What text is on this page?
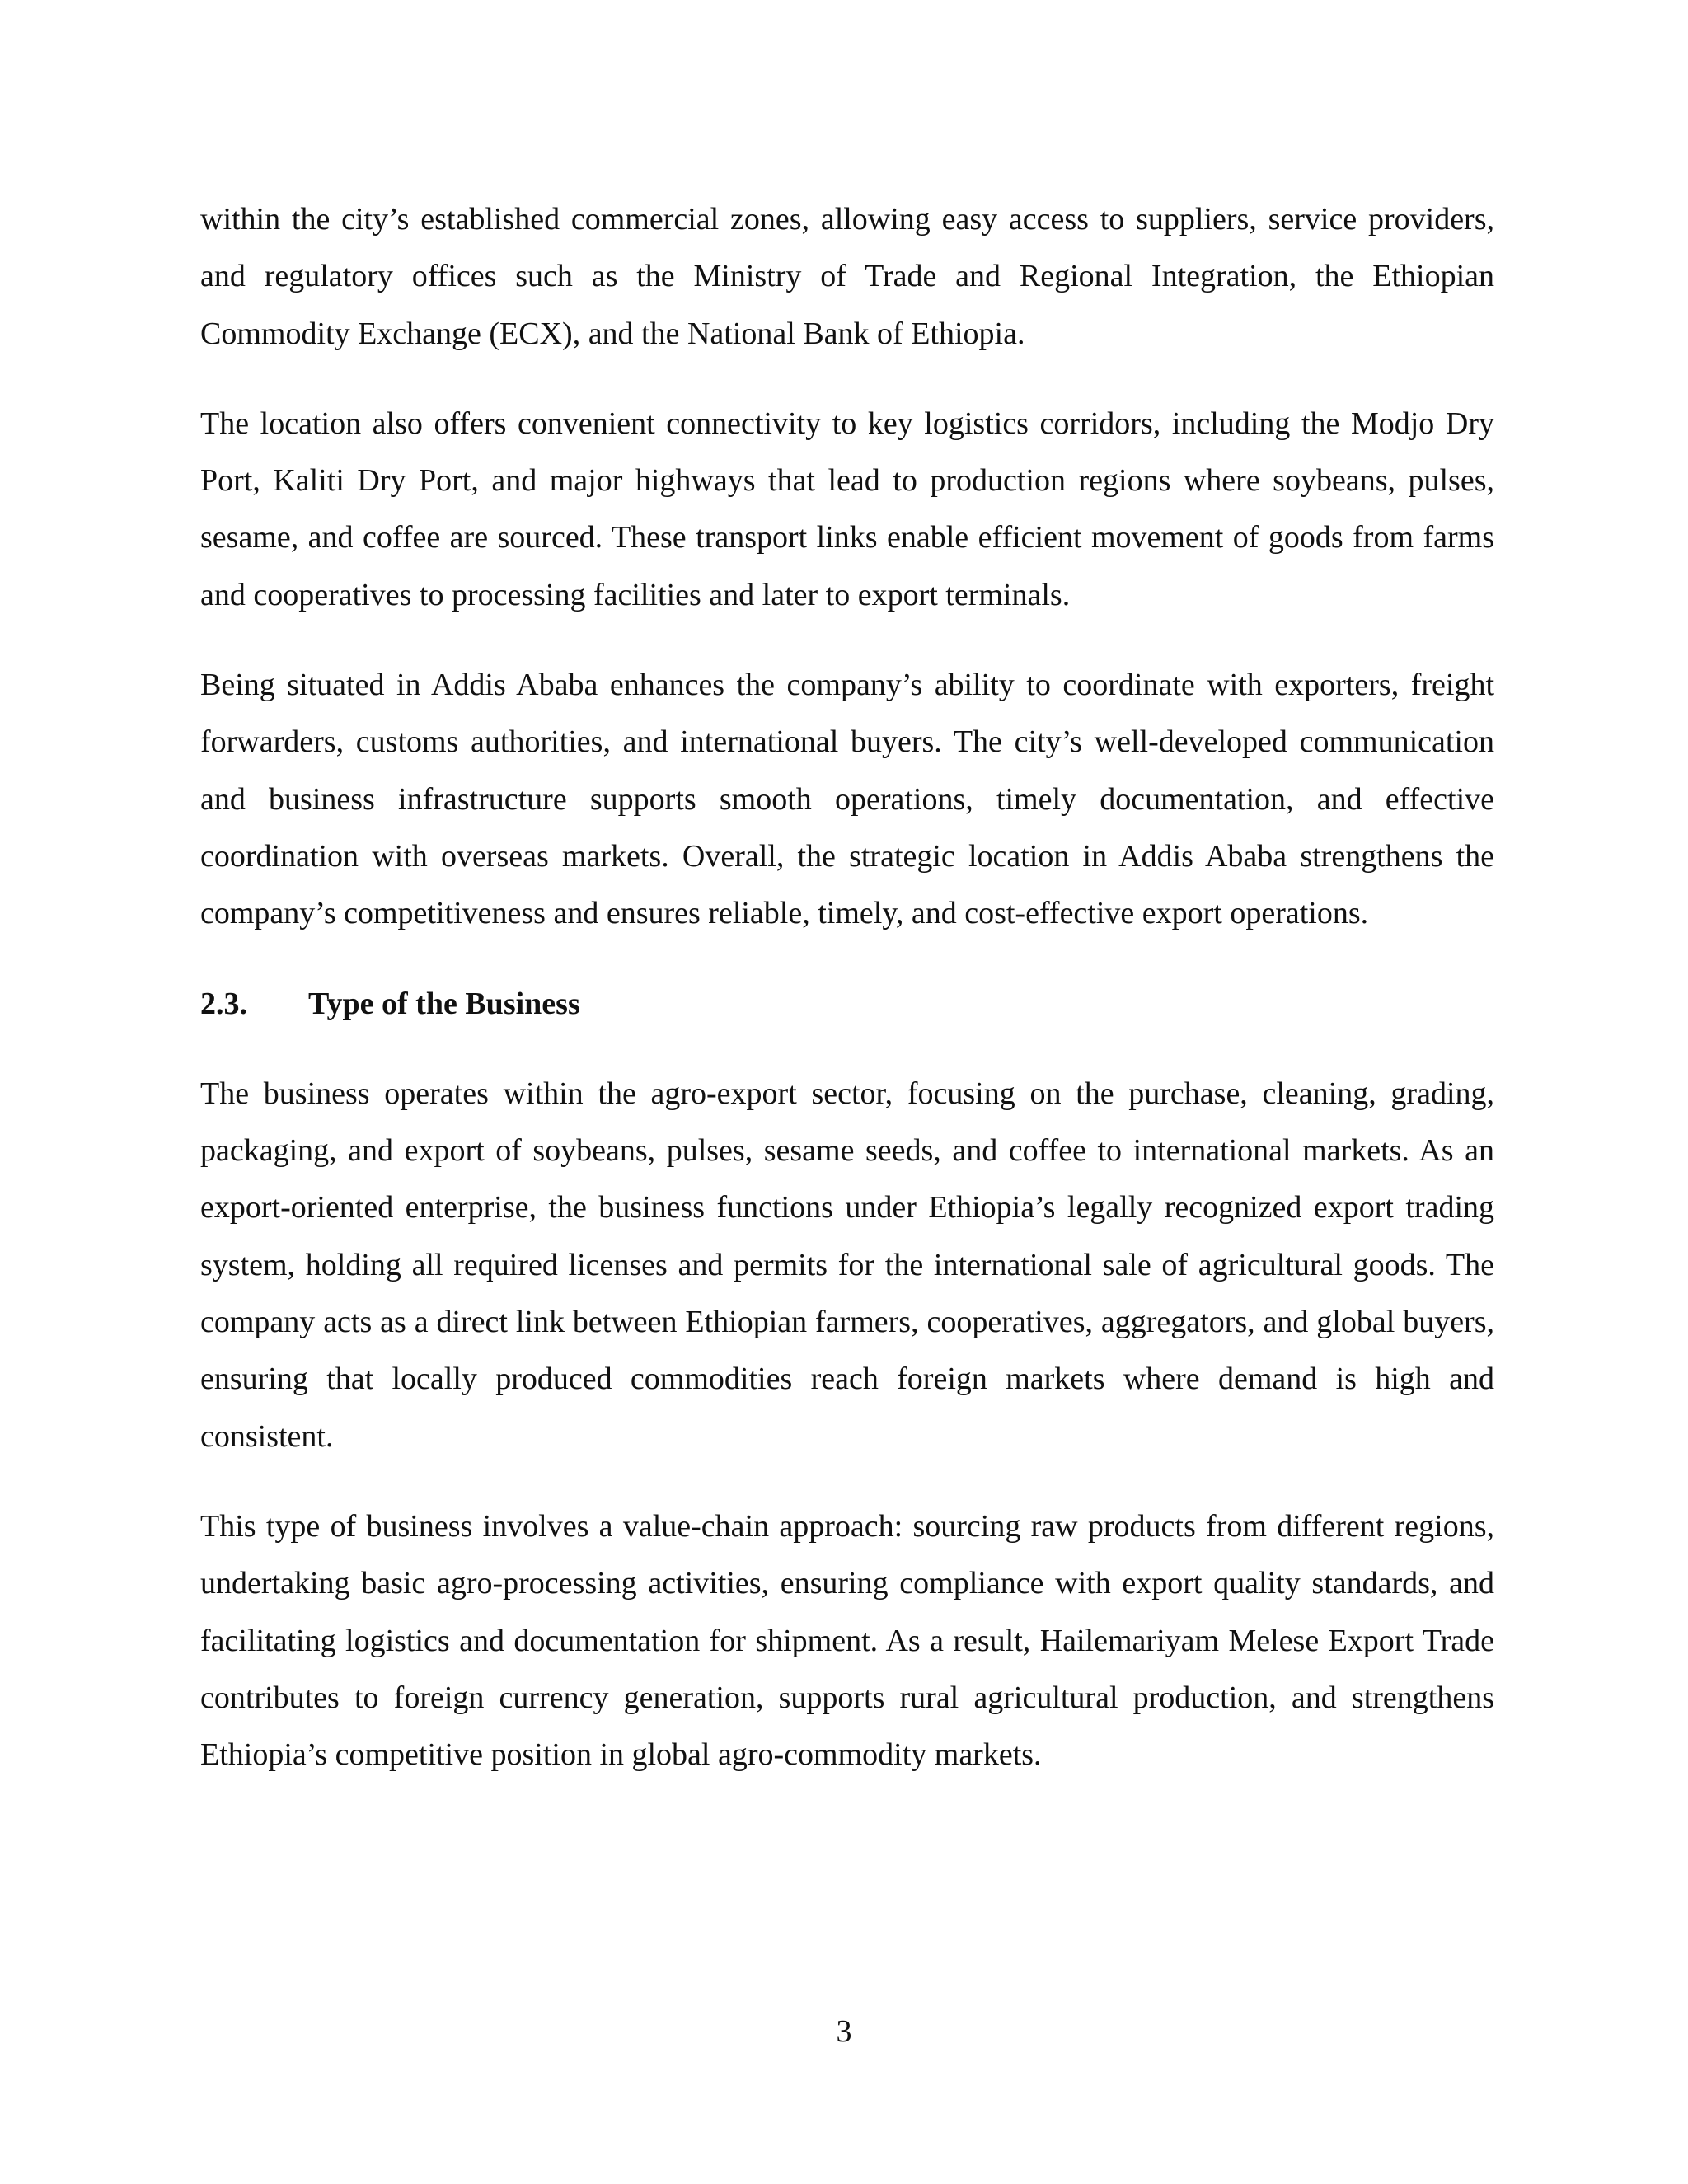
within the city’s established commercial zones, allowing easy access to suppliers, service providers, and regulatory offices such as the Ministry of Trade and Regional Integration, the Ethiopian Commodity Exchange (ECX), and the National Bank of Ethiopia.

The location also offers convenient connectivity to key logistics corridors, including the Modjo Dry Port, Kaliti Dry Port, and major highways that lead to production regions where soybeans, pulses, sesame, and coffee are sourced. These transport links enable efficient movement of goods from farms and cooperatives to processing facilities and later to export terminals.

Being situated in Addis Ababa enhances the company’s ability to coordinate with exporters, freight forwarders, customs authorities, and international buyers. The city’s well-developed communication and business infrastructure supports smooth operations, timely documentation, and effective coordination with overseas markets. Overall, the strategic location in Addis Ababa strengthens the company’s competitiveness and ensures reliable, timely, and cost-effective export operations.

2.3.	Type of the Business

The business operates within the agro-export sector, focusing on the purchase, cleaning, grading, packaging, and export of soybeans, pulses, sesame seeds, and coffee to international markets. As an export-oriented enterprise, the business functions under Ethiopia’s legally recognized export trading system, holding all required licenses and permits for the international sale of agricultural goods. The company acts as a direct link between Ethiopian farmers, cooperatives, aggregators, and global buyers, ensuring that locally produced commodities reach foreign markets where demand is high and consistent.

This type of business involves a value-chain approach: sourcing raw products from different regions, undertaking basic agro-processing activities, ensuring compliance with export quality standards, and facilitating logistics and documentation for shipment. As a result, Hailemariyam Melese Export Trade contributes to foreign currency generation, supports rural agricultural production, and strengthens Ethiopia’s competitive position in global agro-commodity markets.

3
